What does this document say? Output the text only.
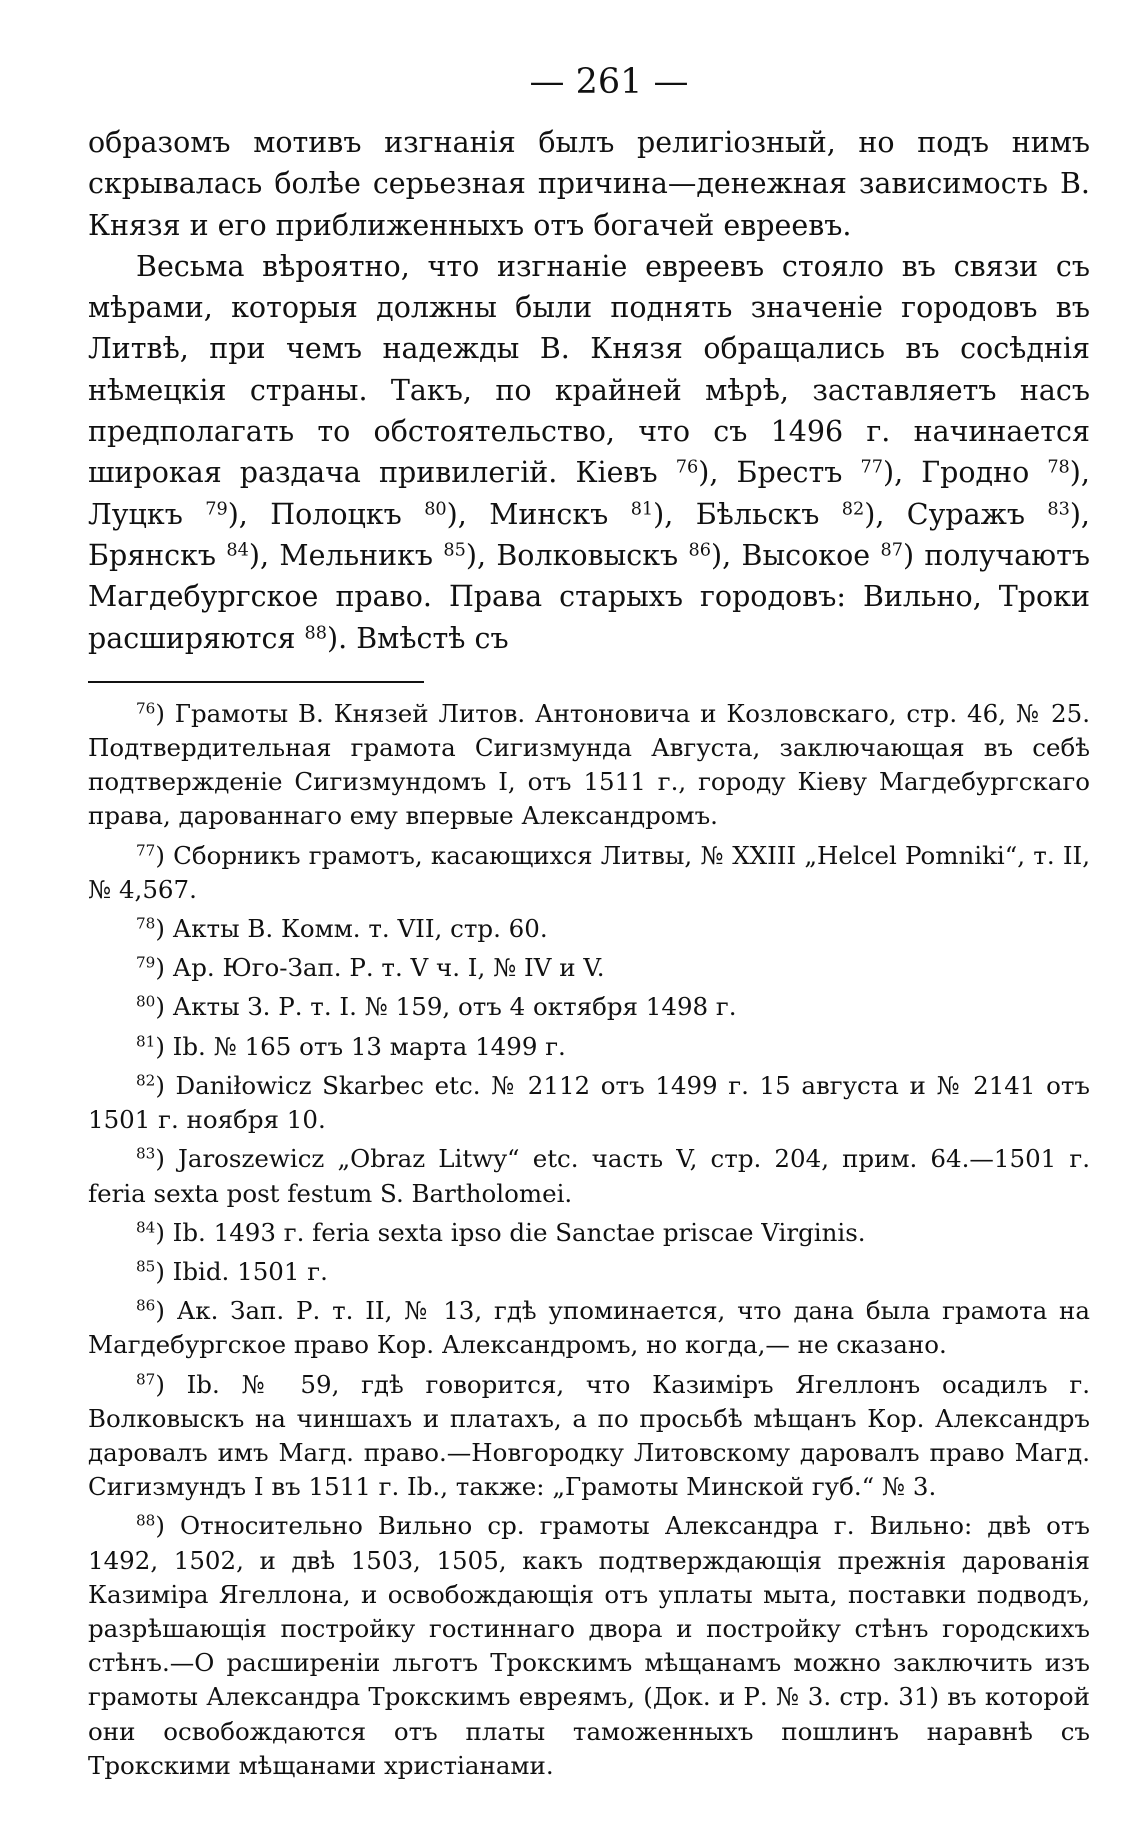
— 261 —

образомъ мотивъ изгнанія былъ религіозный, но подъ нимъ скрывалась болѣе серьезная причина—денежная зависимость В. Князя и его приближенныхъ отъ богачей евреевъ.

Весьма вѣроятно, что изгнаніе евреевъ стояло въ связи съ мѣрами, которыя должны были поднять значеніе городовъ въ Литвѣ, при чемъ надежды В. Князя обращались въ сосѣднія нѣмецкія страны. Такъ, по крайней мѣрѣ, заставляетъ насъ предполагать то обстоятельство, что съ 1496 г. начинается широкая раздача привилегій. Кіевъ $^{76}$), Брестъ $^{77}$), Гродно $^{78}$), Луцкъ $^{79}$), Полоцкъ $^{80}$), Минскъ $^{81}$), Бѣльскъ $^{82}$), Суражъ $^{83}$), Брянскъ $^{84}$), Мельникъ $^{85}$), Волковыскъ $^{86}$), Высокое $^{87}$) получаютъ Магдебургское право. Права старыхъ городовъ: Вильно, Троки расширяются $^{88}$). Вмѣстѣ съ

$^{76}$) Грамоты В. Князей Литов. Антоновича и Козловскаго, стр. 46, № 25. Подтвердительная грамота Сигизмунда Августа, заключающая въ себѣ подтвержденіе Сигизмундомъ I, отъ 1511 г., городу Кіеву Магдебургскаго права, дарованнаго ему впервые Александромъ.

$^{77}$) Сборникъ грамотъ, касающихся Литвы, № XXIII „Helcel Pomniki“, т. II, № 4,567.

$^{78}$) Акты В. Комм. т. VII, стр. 60.

$^{79}$) Ар. Юго-Зап. Р. т. V ч. I, № IV и V.

$^{80}$) Акты З. Р. т. I. № 159, отъ 4 октября 1498 г.

$^{81}$) Ib. № 165 отъ 13 марта 1499 г.

$^{82}$) Daniłowicz Skarbec etc. № 2112 отъ 1499 г. 15 августа и № 2141 отъ 1501 г. ноября 10.

$^{83}$) Jaroszewicz „Obraz Litwy“ etc. часть V, стр. 204, прим. 64.—1501 г. feria sexta post festum S. Bartholomei.

$^{84}$) Ib. 1493 г. feria sexta ipso die Sanctae priscae Virginis.

$^{85}$) Ibid. 1501 г.

$^{86}$) Ак. Зап. Р. т. II, № 13, гдѣ упоминается, что дана была грамота на Магдебургское право Кор. Александромъ, но когда,— не сказано.

$^{87}$) Ib. № 59, гдѣ говорится, что Казиміръ Ягеллонъ осадилъ г. Волковыскъ на чиншахъ и платахъ, а по просьбѣ мѣщанъ Кор. Александръ даровалъ имъ Магд. право.—Новгородку Литовскому даровалъ право Магд. Сигизмундъ I въ 1511 г. Ib., также: „Грамоты Минской губ.“ № 3.

$^{88}$) Относительно Вильно ср. грамоты Александра г. Вильно: двѣ отъ 1492, 1502, и двѣ 1503, 1505, какъ подтверждающія прежнія дарованія Казиміра Ягеллона, и освобождающія отъ уплаты мыта, поставки подводъ, разрѣшающія постройку гостиннаго двора и постройку стѣнъ городскихъ стѣнъ.—О расширеніи льготъ Трокскимъ мѣщанамъ можно заключить изъ грамоты Александра Трокскимъ евреямъ, (Док. и Р. № 3. стр. 31) въ которой они освобождаются отъ платы таможенныхъ пошлинъ наравнѣ съ Трокскими мѣщанами христіанами.
